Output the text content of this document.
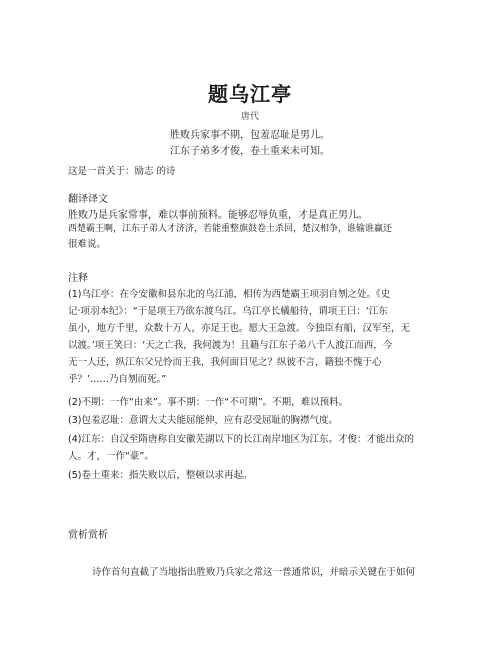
题乌江亭
唐代
胜败兵家事不期，包羞忍耻是男儿。
江东子弟多才俊，卷土重来未可知。
这是一首关于：励志 的诗
翻译译文
胜败乃是兵家常事，难以事前预料。能够忍辱负重，才是真正男儿。
西楚霸王啊，江东子弟人才济济，若能重整旗鼓卷土杀回，楚汉相争，谁输谁赢还
很难说。
注释
(1)乌江亭：在今安徽和县东北的乌江浦，相传为西楚霸王项羽自刎之处。《史
记·项羽本纪》：“于是项王乃欲东渡乌江。乌江亭长檥船待，谓项王曰：‘江东
虽小，地方千里，众数十万人，亦足王也。愿大王急渡。今独臣有船，汉军至，无
以渡。’项王笑曰：‘天之亡我，我何渡为！且籍与江东子弟八千人渡江而西，今
无一人还，纵江东父兄怜而王我，我何面目见之？纵彼不言，籍独不愧于心
乎？’……乃自刎而死。”
(2)不期：一作“由来”。事不期：一作“不可期”。不期，难以预料。
(3)包羞忍耻：意谓大丈夫能屈能伸，应有忍受屈耻的胸襟气度。
(4)江东：自汉至隋唐称自安徽芜湖以下的长江南岸地区为江东。才俊：才能出众的
人。才，一作“豪”。
(5)卷土重来：指失败以后，整顿以求再起。
赏析赏析
诗作首句直截了当地指出胜败乃兵家之常这一普通常识，并暗示关键在于如何
